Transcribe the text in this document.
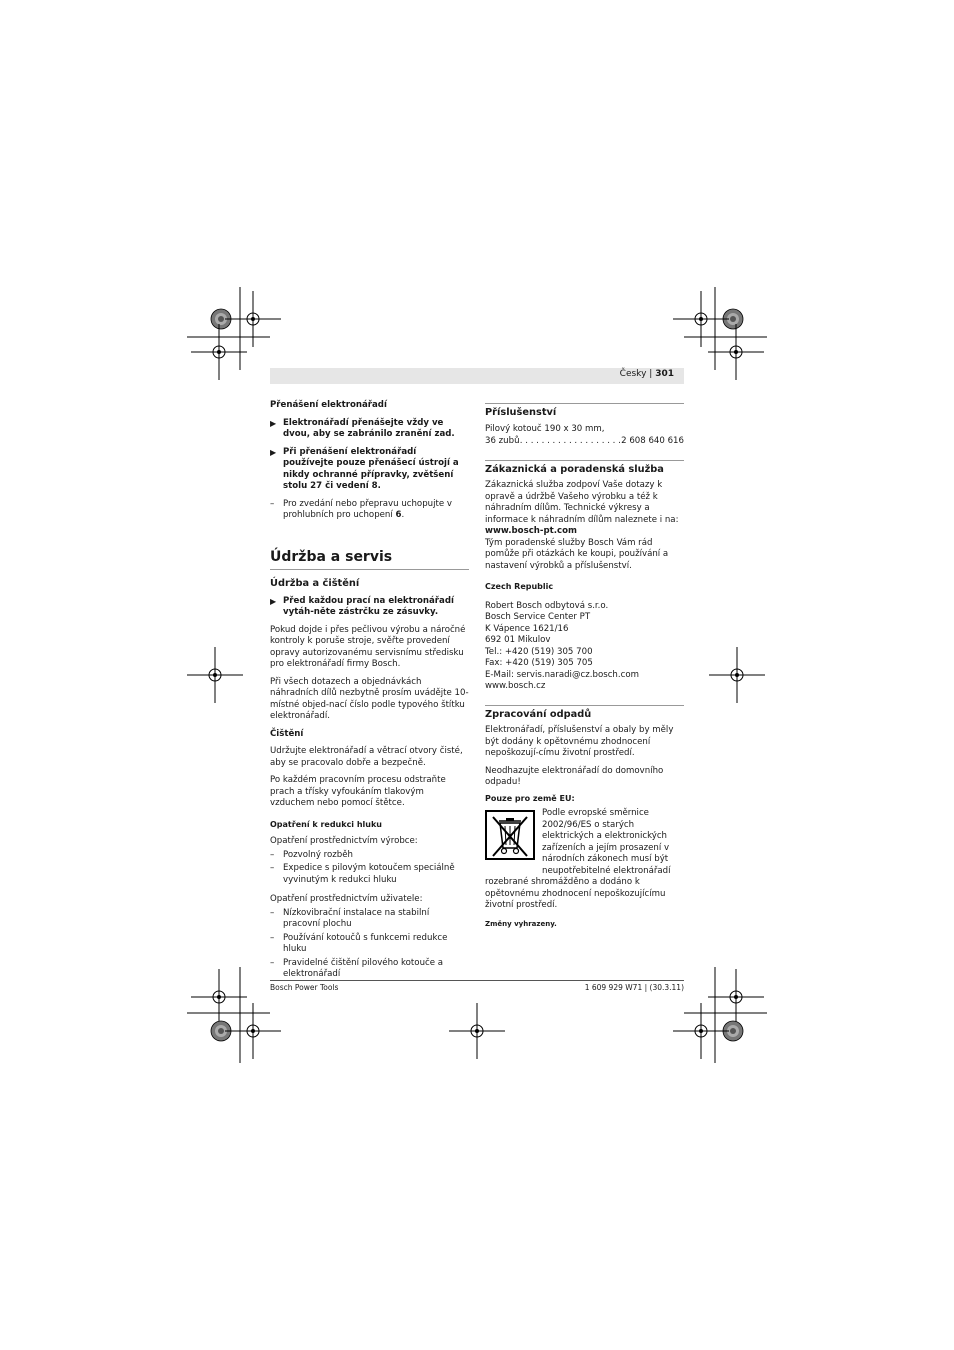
Česky | 301
Přenášení elektronářadí
▶ Elektronářadí přenášejte vždy ve dvou, aby se zabránilo zranění zad.
▶ Při přenášení elektronářadí používejte pouze přenášecí ústrojí a nikdy ochranné přípravky, zvětšení stolu 27 či vedení 8.
– Pro zvedání nebo přepravu uchopujte v prohlubních pro uchopení 6.
Údržba a servis
Údržba a čištění
▶ Před každou prací na elektronářadí vytáh-něte zástrčku ze zásuvky.

Pokud dojde i přes pečlivou výrobu a náročné kontroly k poruše stroje, svěřte provedení opravy autorizovanému servisnímu středisku pro elektronářadí firmy Bosch.

Při všech dotazech a objednávkách náhradních dílů nezbytně prosím uvádějte 10-místné objed-nací číslo podle typového štítku elektronářadí.

Čištění

Udržujte elektronářadí a větrací otvory čisté, aby se pracovalo dobře a bezpečně.

Po každém pracovním procesu odstraňte prach a třísky vyfoukáním tlakovým vzduchem nebo pomocí štětce.

Opatření k redukci hluku

Opatření prostřednictvím výrobce:

– Pozvolný rozběh
– Expedice s pilovým kotoučem speciálně vyvinutým k redukci hluku

Opatření prostřednictvím uživatele:

– Nízkovibrační instalace na stabilní pracovní plochu
– Používání kotoučů s funkcemi redukce hluku
– Pravidelné čištění pilového kotouče a elektronářadí
Příslušenství
Pilový kotouč 190 x 30 mm,
36 zubů . . . . . . . . . . . . . . . . . . . 2 608 640 616
Zákaznická a poradenská služba
Zákaznická služba zodpoví Vaše dotazy k opravě a údržbě Vašeho výrobku a též k náhradním dílům. Technické výkresy a informace k náhradním dílům naleznete i na:
www.bosch-pt.com

Tým poradenské služby Bosch Vám rád pomůže při otázkách ke koupi, používání a nastavení výrobků a příslušenství.

Czech Republic
Robert Bosch odbytová s.r.o.
Bosch Service Center PT
K Vápence 1621/16
692 01 Mikulov
Tel.: +420 (519) 305 700
Fax: +420 (519) 305 705
E-Mail: servis.naradi@cz.bosch.com
www.bosch.cz
Zpracování odpadů

Elektronářadí, příslušenství a obaly by měly být dodány k opětovnému zhodnocení nepoškozují-címu životní prostředí.

Neodhazujte elektronářadí do domovního odpadu!

Pouze pro země EU:
Podle evropské směrnice 2002/96/ES o starých elektrických a elektronických zařízeních a jejím prosazení v národních zákonech musí být neupotřebitelné elektronářadí

rozebrané shromážděno a dodáno k opětovnému zhodnocení nepoškozujícímu životní prostředí.

Změny vyhrazeny.
Bosch Power Tools	1 609 929 W71 | (30.3.11)
